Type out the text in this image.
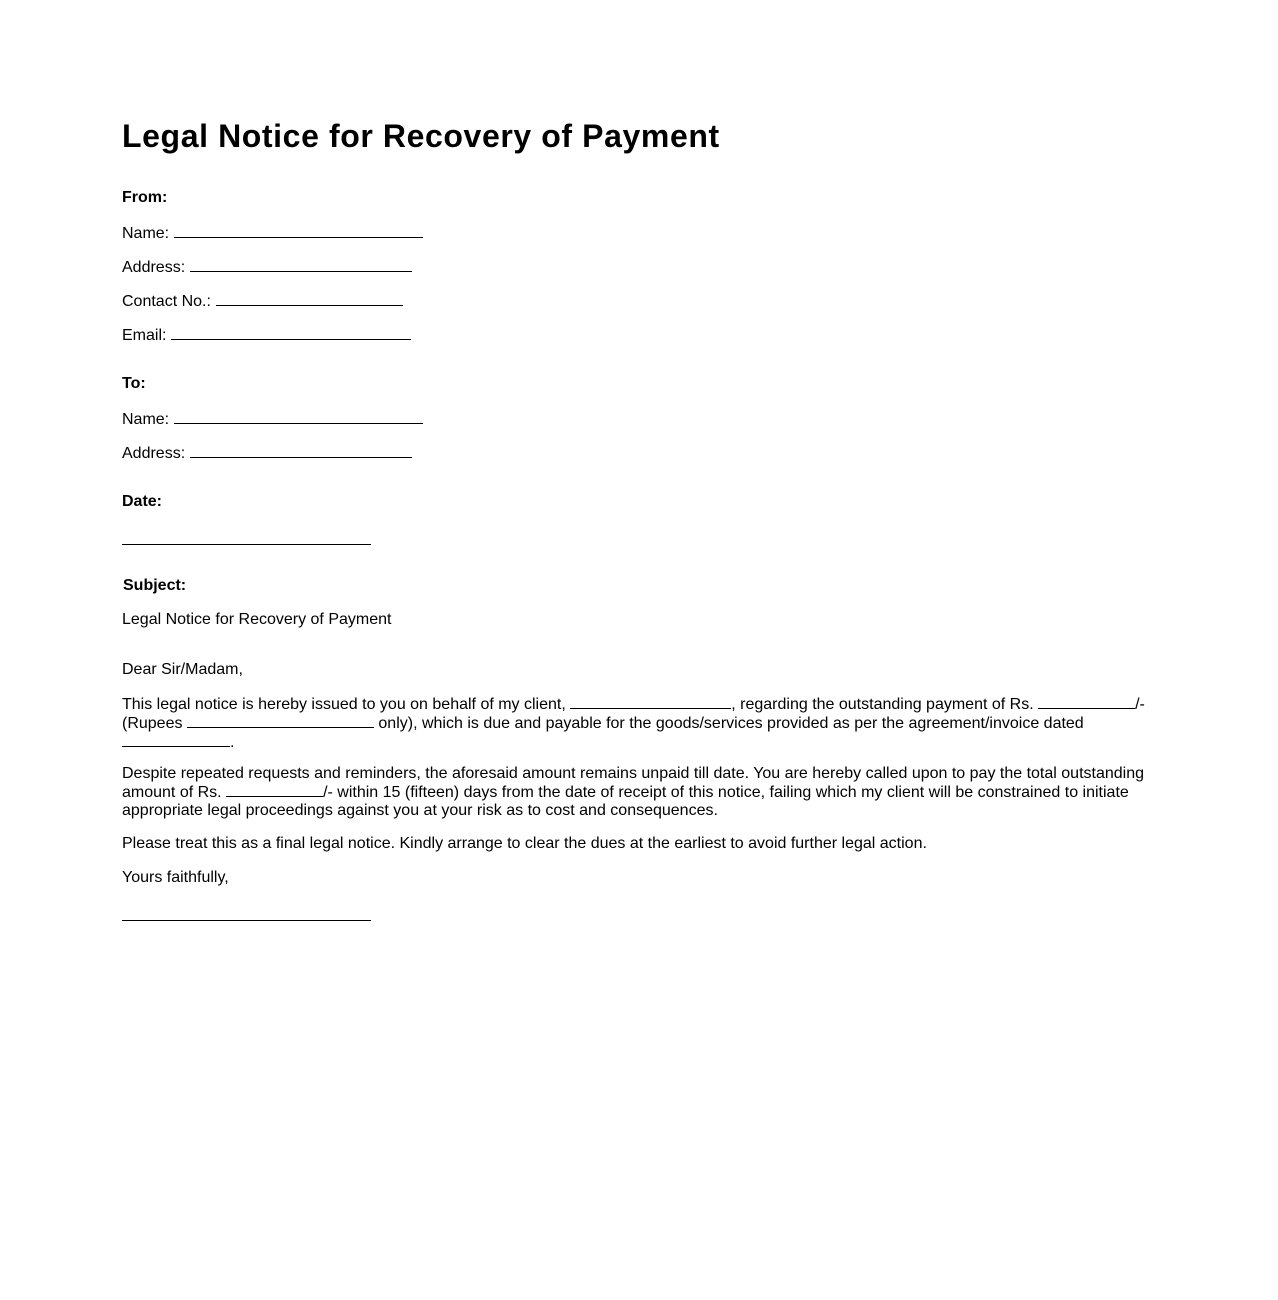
Legal Notice for Recovery of Payment
From:
Name:
Address:
Contact No.:
Email:
To:
Name:
Address:
Date:
Subject:
Legal Notice for Recovery of Payment
Dear Sir/Madam,

This legal notice is hereby issued to you on behalf of my client,	, regarding the outstanding payment of Rs.	/- (Rupees	only), which is due and payable for the goods/services provided as per the agreement/invoice dated .

Despite repeated requests and reminders, the aforesaid amount remains unpaid till date. You are hereby called upon to pay the total outstanding amount of Rs.	/- within 15 (fifteen) days from the date of receipt of this notice, failing which my client will be constrained to initiate appropriate legal proceedings against you at your risk as to cost and consequences.

Please treat this as a final legal notice. Kindly arrange to clear the dues at the earliest to avoid further legal action.
Yours faithfully,
